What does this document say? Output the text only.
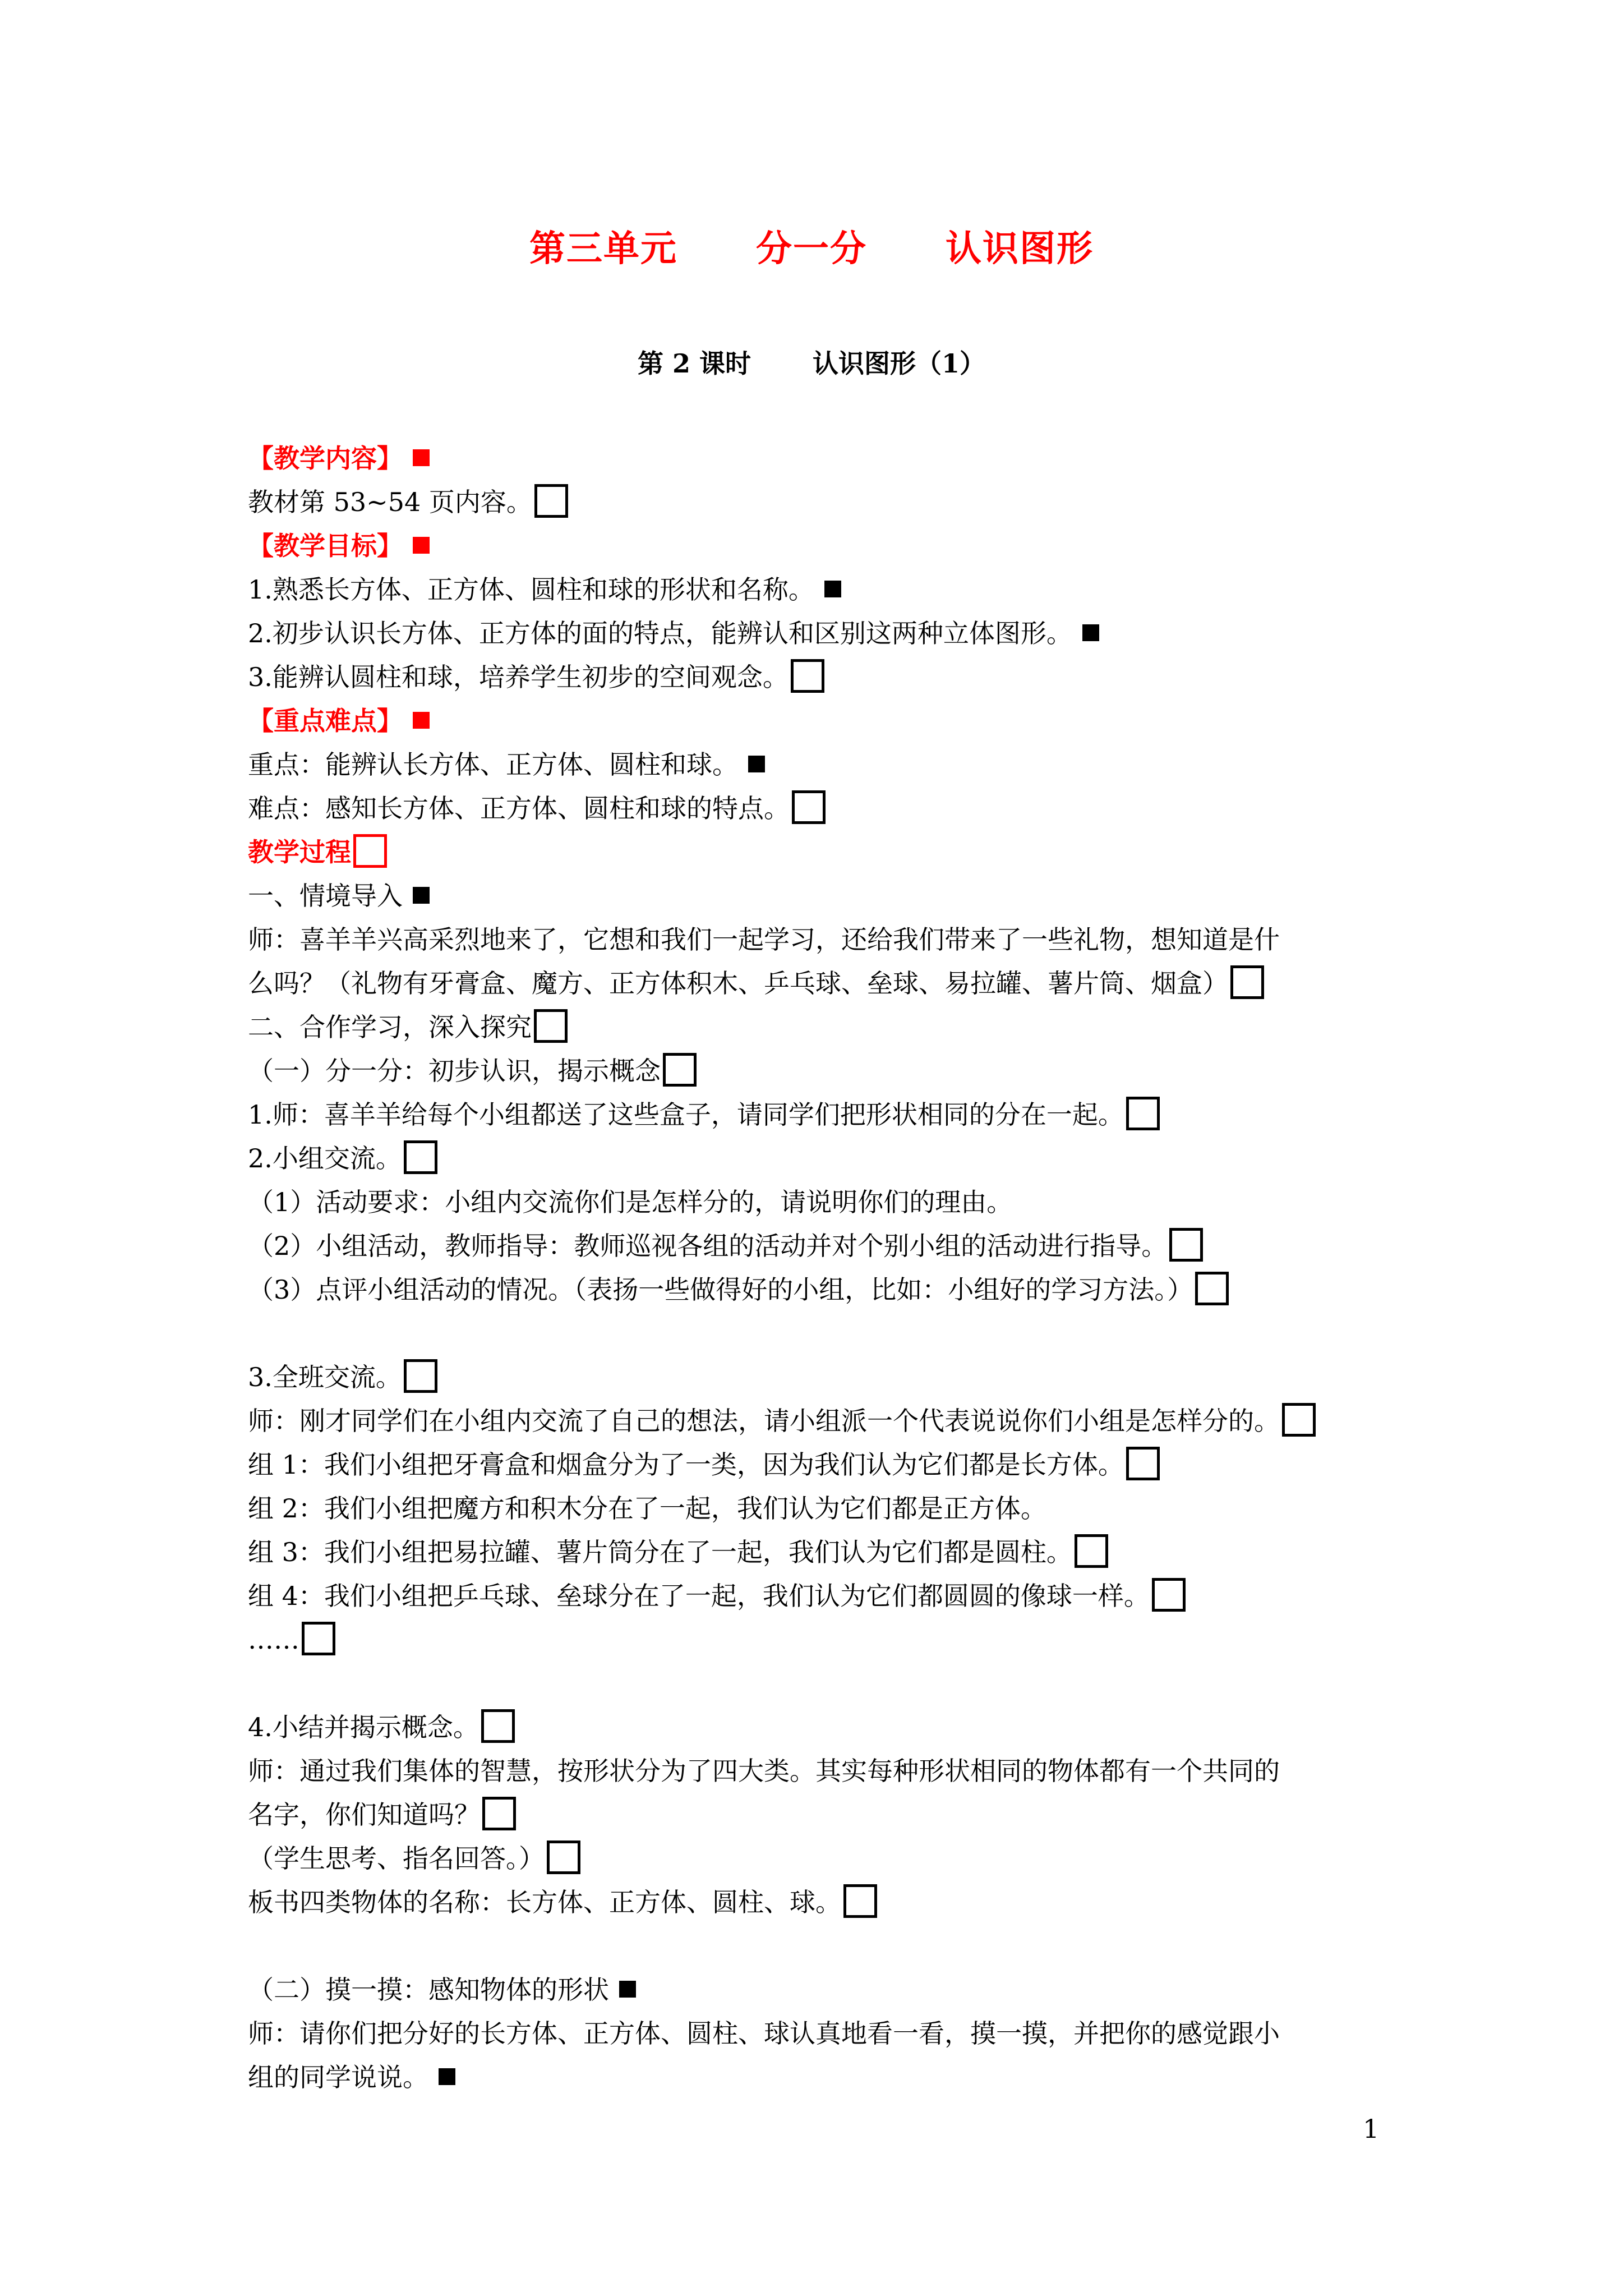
第三单元 分一分 认识图形
第 2 课时 认识图形（1）
【教学内容】
教材第 53~54 页内容。
【教学目标】
1.熟悉长方体、正方体、圆柱和球的形状和名称。
2.初步认识长方体、正方体的面的特点，能辨认和区别这两种立体图形。
3.能辨认圆柱和球，培养学生初步的空间观念。
【重点难点】
重点：能辨认长方体、正方体、圆柱和球。
难点：感知长方体、正方体、圆柱和球的特点。
教学过程
一、情境导入
师：喜羊羊兴高采烈地来了，它想和我们一起学习，还给我们带来了一些礼物，想知道是什
么吗？（礼物有牙膏盒、魔方、正方体积木、乒乓球、垒球、易拉罐、薯片筒、烟盒）
二、合作学习，深入探究
（一）分一分：初步认识，揭示概念
1.师：喜羊羊给每个小组都送了这些盒子，请同学们把形状相同的分在一起。
2.小组交流。
（1）活动要求：小组内交流你们是怎样分的，请说明你们的理由。
（2）小组活动，教师指导：教师巡视各组的活动并对个别小组的活动进行指导。
（3）点评小组活动的情况。（表扬一些做得好的小组，比如：小组好的学习方法。）
3.全班交流。
师：刚才同学们在小组内交流了自己的想法，请小组派一个代表说说你们小组是怎样分的。
组 1：我们小组把牙膏盒和烟盒分为了一类，因为我们认为它们都是长方体。
组 2：我们小组把魔方和积木分在了一起，我们认为它们都是正方体。
组 3：我们小组把易拉罐、薯片筒分在了一起，我们认为它们都是圆柱。
组 4：我们小组把乒乓球、垒球分在了一起，我们认为它们都圆圆的像球一样。
……
4.小结并揭示概念。
师：通过我们集体的智慧，按形状分为了四大类。其实每种形状相同的物体都有一个共同的
名字，你们知道吗？
（学生思考、指名回答。）
板书四类物体的名称：长方体、正方体、圆柱、球。
（二）摸一摸：感知物体的形状
师：请你们把分好的长方体、正方体、圆柱、球认真地看一看，摸一摸，并把你的感觉跟小
组的同学说说。
1
